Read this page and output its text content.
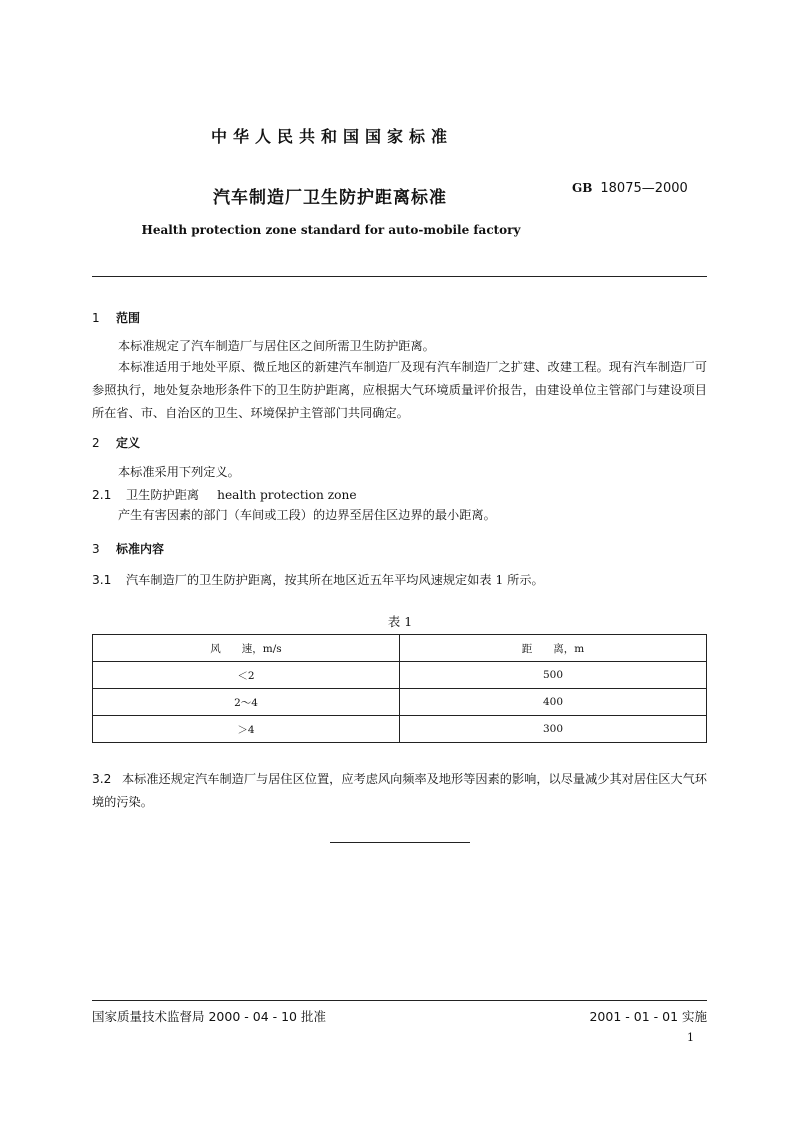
中华人民共和国国家标准
汽车制造厂卫生防护距离标准	GB 18075—2000
Health protection zone standard for auto-mobile factory
1 范围
本标准规定了汽车制造厂与居住区之间所需卫生防护距离。
本标准适用于地处平原、微丘地区的新建汽车制造厂及现有汽车制造厂之扩建、改建工程。现有汽车制造厂可参照执行，地处复杂地形条件下的卫生防护距离，应根据大气环境质量评价报告，由建设单位主管部门与建设项目所在省、市、自治区的卫生、环境保护主管部门共同确定。
2 定义
本标准采用下列定义。
2.1 卫生防护距离 health protection zone
产生有害因素的部门（车间或工段）的边界至居住区边界的最小距离。
3 标准内容
3.1 汽车制造厂的卫生防护距离，按其所在地区近五年平均风速规定如表 1 所示。
表 1
风　　速，m/s	距　　离，m
＜2	500
2～4	400
＞4	300
3.2 本标准还规定汽车制造厂与居住区位置，应考虑风向频率及地形等因素的影响，以尽量减少其对居住区大气环境的污染。
国家质量技术监督局 2000 - 04 - 10 批准	2001 - 01 - 01 实施
1
